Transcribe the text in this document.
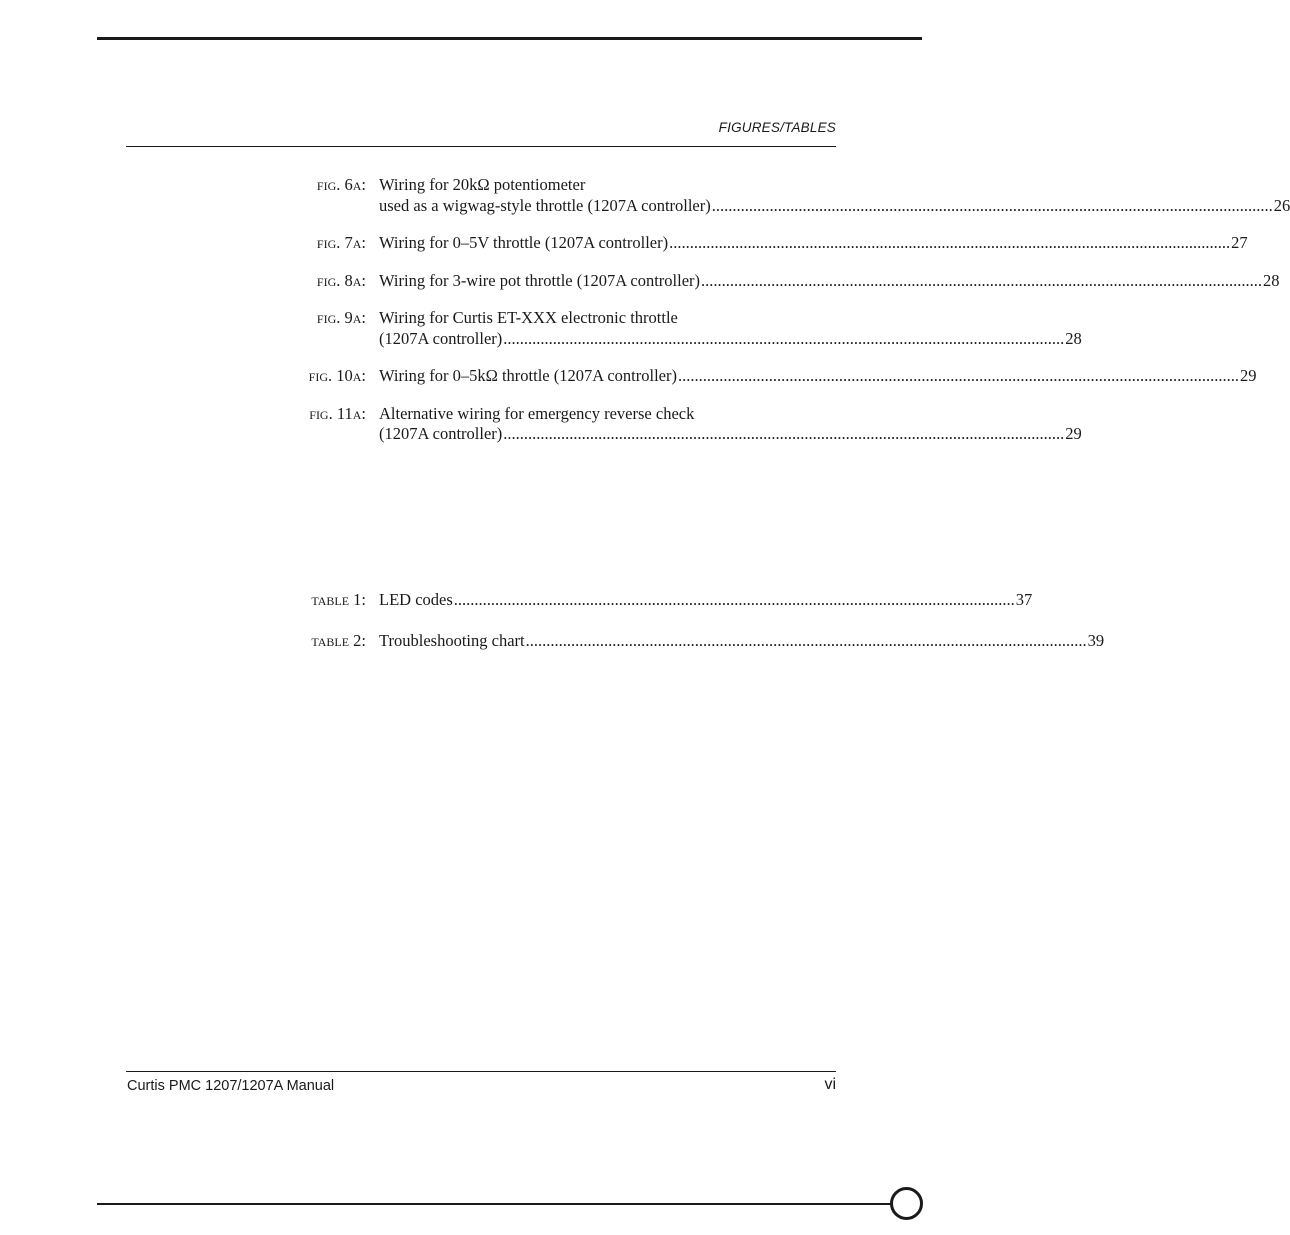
FIGURES/TABLES
fig. 6a: Wiring for 20kΩ potentiometer
used as a wigwag-style throttle (1207A controller) ........................................................................................................................................ 26
fig. 7a: Wiring for 0–5V throttle (1207A controller) ........................................................................................................................................ 27
fig. 8a: Wiring for 3-wire pot throttle (1207A controller) ........................................................................................................................................ 28
fig. 9a: Wiring for Curtis ET-XXX electronic throttle
(1207A controller) ........................................................................................................................................ 28
fig. 10a: Wiring for 0–5kΩ throttle (1207A controller) ........................................................................................................................................ 29
fig. 11a: Alternative wiring for emergency reverse check
(1207A controller) ........................................................................................................................................ 29
table 1: LED codes ........................................................................................................................................ 37
table 2: Troubleshooting chart ........................................................................................................................................ 39
Curtis PMC 1207/1207A Manual	vi
